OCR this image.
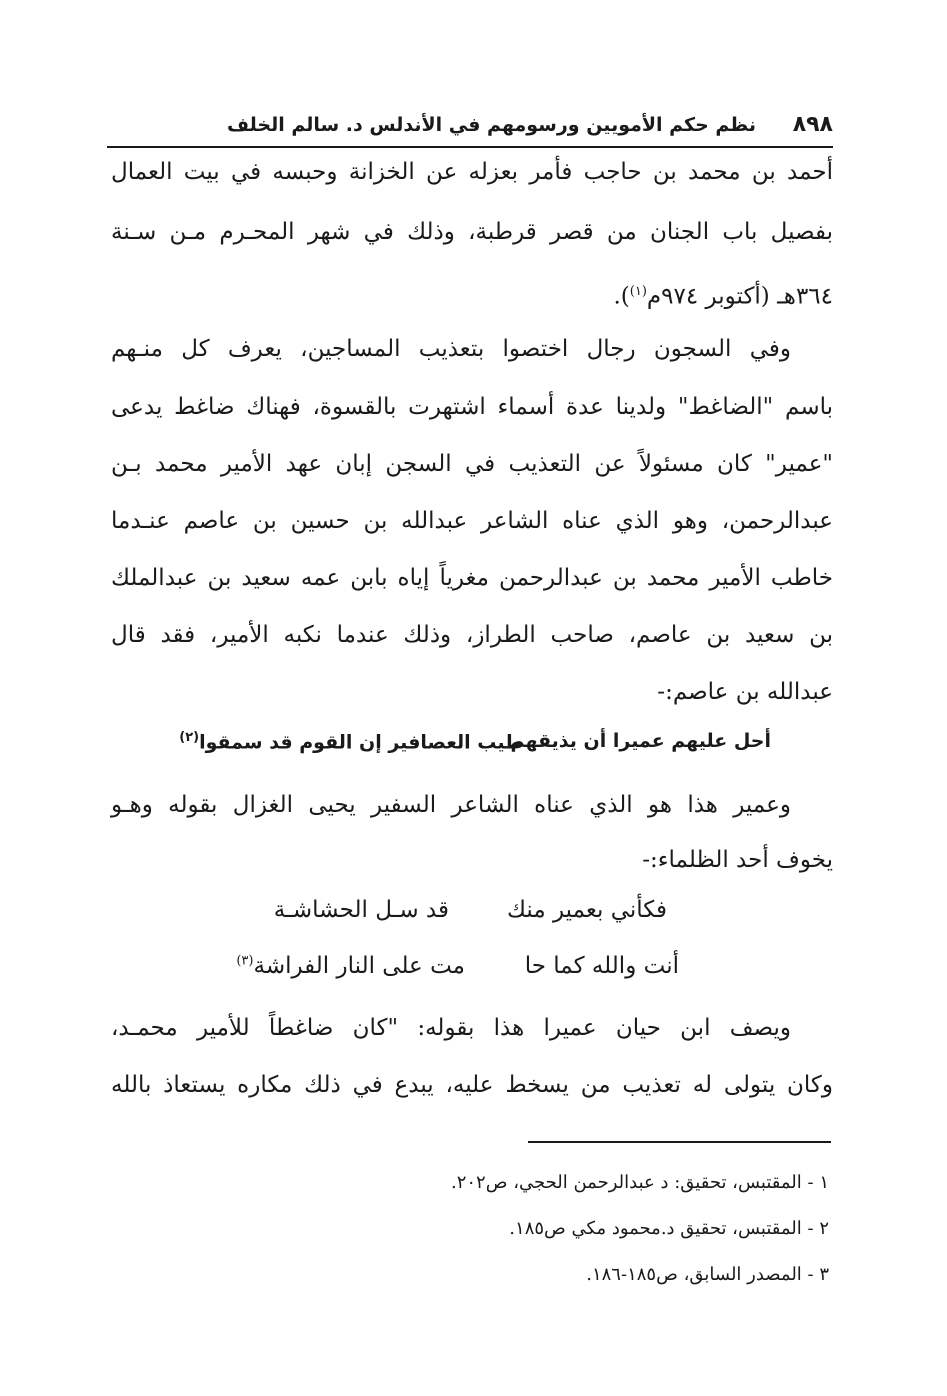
٨٩٨
نظم حكم الأمويين ورسومهم في الأندلس د. سالم الخلف
أحمد بن محمد بن حاجب فأمر بعزله عن الخزانة وحبسه في بيت العمال
بفصيل باب الجنان من قصر قرطبة، وذلك في شهر المحـرم مـن سـنة
٣٦٤هـ (أكتوبر ٩٧٤م$^{(١)}$).
وفي السجون رجال اختصوا بتعذيب المساجين، يعرف كل منـهم
باسم "الضاغط" ولدينا عدة أسماء اشتهرت بالقسوة، فهناك ضاغط يدعى
"عمير" كان مسئولاً عن التعذيب في السجن إبان عهد الأمير محمد بـن
عبدالرحمن، وهو الذي عناه الشاعر عبدالله بن حسين بن عاصم عنـدما
خاطب الأمير محمد بن عبدالرحمن مغرياً إياه بابن عمه سعيد بن عبدالملك
بن سعيد بن عاصم، صاحب الطراز، وذلك عندما نكبه الأمير، فقد قال
عبدالله بن عاصم:-
أحل عليهم عميرا أن يذيقهم
طيب العصافير إن القوم قد سمقوا$^{(٢)}$
وعمير هذا هو الذي عناه الشاعر السفير يحيى الغزال بقوله وهـو
يخوف أحد الظلماء:-
فكأني بعمير منك
قد سـل الحشاشـة
أنت والله كما حا
مت على النار الفراشة$^{(٣)}$
ويصف ابن حيان عميرا هذا بقوله: "كان ضاغطاً للأمير محمـد،
وكان يتولى له تعذيب من يسخط عليه، يبدع في ذلك مكاره يستعاذ بالله
١ - المقتبس، تحقيق: د عبدالرحمن الحجي، ص٢٠٢.
٢ - المقتبس، تحقيق د.محمود مكي ص١٨٥.
٣ - المصدر السابق، ص١٨٥-١٨٦.
